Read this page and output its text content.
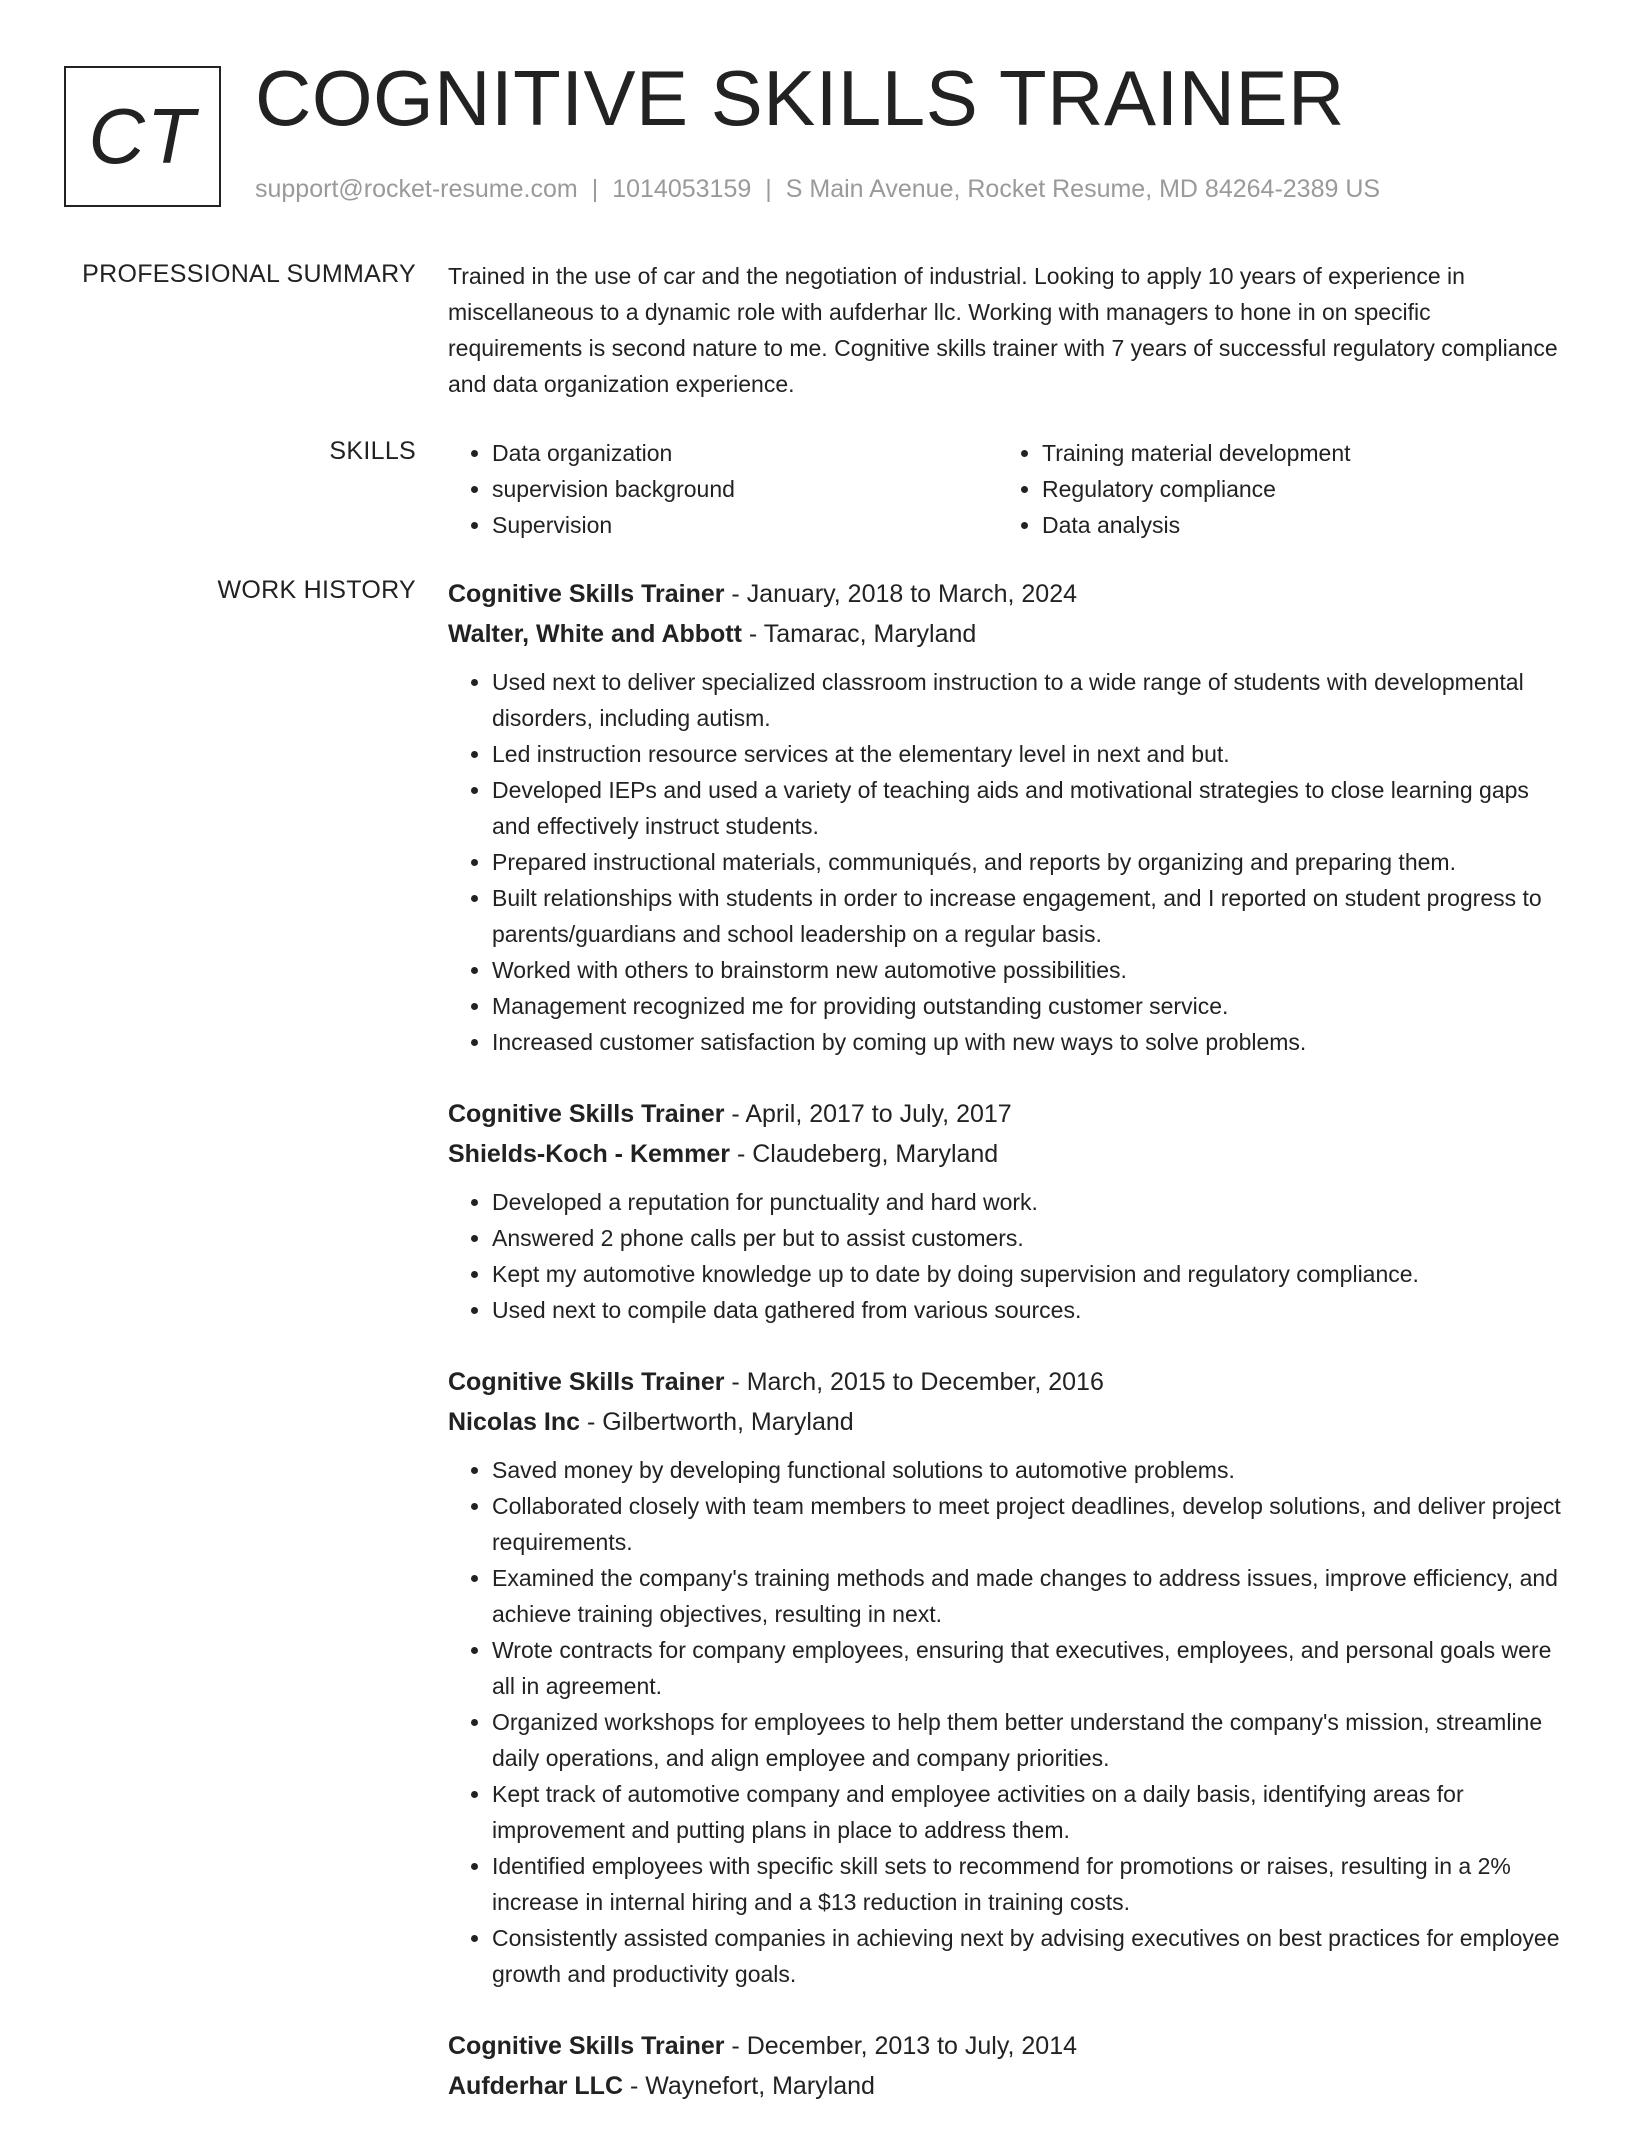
CT COGNITIVE SKILLS TRAINER
support@rocket-resume.com | 1014053159 | S Main Avenue, Rocket Resume, MD 84264-2389 US
PROFESSIONAL SUMMARY Trained in the use of car and the negotiation of industrial. Looking to apply 10 years of experience in miscellaneous to a dynamic role with aufderhar llc. Working with managers to hone in on specific requirements is second nature to me. Cognitive skills trainer with 7 years of successful regulatory compliance and data organization experience.

SKILLS
•	Data organization
• supervision background
• Supervision
• Training material development
• Regulatory compliance
• Data analysis
WORK HISTORY Cognitive Skills Trainer - January, 2018 to March, 2024
Walter, White and Abbott - Tamarac, Maryland
• Used next to deliver specialized classroom instruction to a wide range of students with developmental disorders, including autism.
• Led instruction resource services at the elementary level in next and but.
• Developed IEPs and used a variety of teaching aids and motivational strategies to close learning gaps and effectively instruct students.
• Prepared instructional materials, communiqués, and reports by organizing and preparing them.
• Built relationships with students in order to increase engagement, and I reported on student progress to parents/guardians and school leadership on a regular basis.
• Worked with others to brainstorm new automotive possibilities.
• Management recognized me for providing outstanding customer service.
• Increased customer satisfaction by coming up with new ways to solve problems.
Cognitive Skills Trainer - April, 2017 to July, 2017
Shields-Koch - Kemmer - Claudeberg, Maryland
• Developed a reputation for punctuality and hard work.
• Answered 2 phone calls per but to assist customers.
• Kept my automotive knowledge up to date by doing supervision and regulatory compliance.
• Used next to compile data gathered from various sources.
Cognitive Skills Trainer - March, 2015 to December, 2016
Nicolas Inc - Gilbertworth, Maryland
• Saved money by developing functional solutions to automotive problems.
• Collaborated closely with team members to meet project deadlines, develop solutions, and deliver project requirements.
• Examined the company's training methods and made changes to address issues, improve efficiency, and achieve training objectives, resulting in next.
• Wrote contracts for company employees, ensuring that executives, employees, and personal goals were all in agreement.
• Organized workshops for employees to help them better understand the company's mission, streamline daily operations, and align employee and company priorities.
• Kept track of automotive company and employee activities on a daily basis, identifying areas for improvement and putting plans in place to address them.
• Identified employees with specific skill sets to recommend for promotions or raises, resulting in a 2% increase in internal hiring and a $13 reduction in training costs.
• Consistently assisted companies in achieving next by advising executives on best practices for employee growth and productivity goals.
Cognitive Skills Trainer - December, 2013 to July, 2014
Aufderhar LLC - Waynefort, Maryland
